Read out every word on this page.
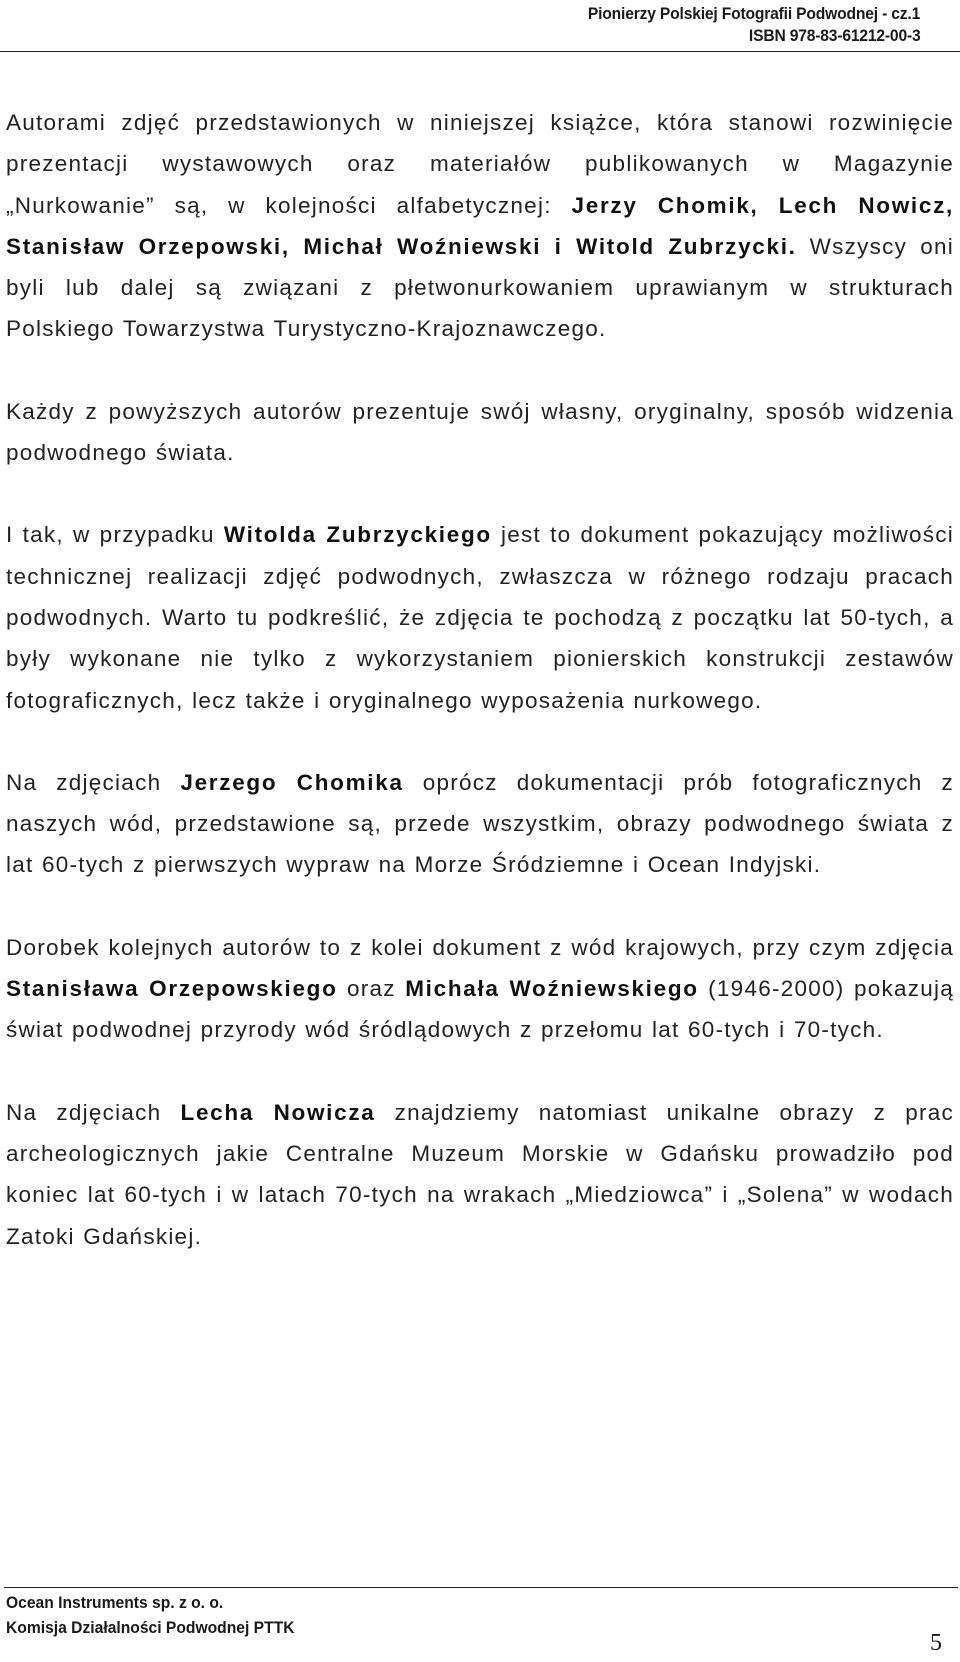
Pionierzy Polskiej Fotografii Podwodnej - cz.1

ISBN 978-83-61212-00-3

Autorami zdjęć przedstawionych w niniejszej książce, która stanowi rozwinięcie prezentacji wystawowych oraz materiałów publikowanych w Magazynie „Nurkowanie” są, w kolejności alfabetycznej: Jerzy Chomik, Lech Nowicz, Stanisław Orzepowski, Michał Woźniewski i Witold Zubrzycki. Wszyscy oni byli lub dalej są związani z płetwonurkowaniem uprawianym w strukturach Polskiego Towarzystwa Turystyczno-Krajoznawczego.

Każdy z powyższych autorów prezentuje swój własny, oryginalny, sposób widzenia podwodnego świata.

I tak, w przypadku Witolda Zubrzyckiego jest to dokument pokazujący możliwości technicznej realizacji zdjęć podwodnych, zwłaszcza w różnego rodzaju pracach podwodnych. Warto tu podkreślić, że zdjęcia te pochodzą z początku lat 50-tych, a były wykonane nie tylko z wykorzystaniem pionierskich konstrukcji zestawów fotograficznych, lecz także i oryginalnego wyposażenia nurkowego.

Na zdjęciach Jerzego Chomika oprócz dokumentacji prób fotograficznych z naszych wód, przedstawione są, przede wszystkim, obrazy podwodnego świata z lat 60-tych z pierwszych wypraw na Morze Śródziemne i Ocean Indyjski.

Dorobek kolejnych autorów to z kolei dokument z wód krajowych, przy czym zdjęcia Stanisława Orzepowskiego oraz Michała Woźniewskiego (1946-2000) pokazują świat podwodnej przyrody wód śródlądowych z przełomu lat 60-tych i 70-tych.

Na zdjęciach Lecha Nowicza znajdziemy natomiast unikalne obrazy z prac archeologicznych jakie Centralne Muzeum Morskie w Gdańsku prowadziło pod koniec lat 60-tych i w latach 70-tych na wrakach „Miedziowca” i „Solena” w wodach Zatoki Gdańskiej.

Ocean Instruments sp. z o. o.

Komisja Działalności Podwodnej PTTK

5
